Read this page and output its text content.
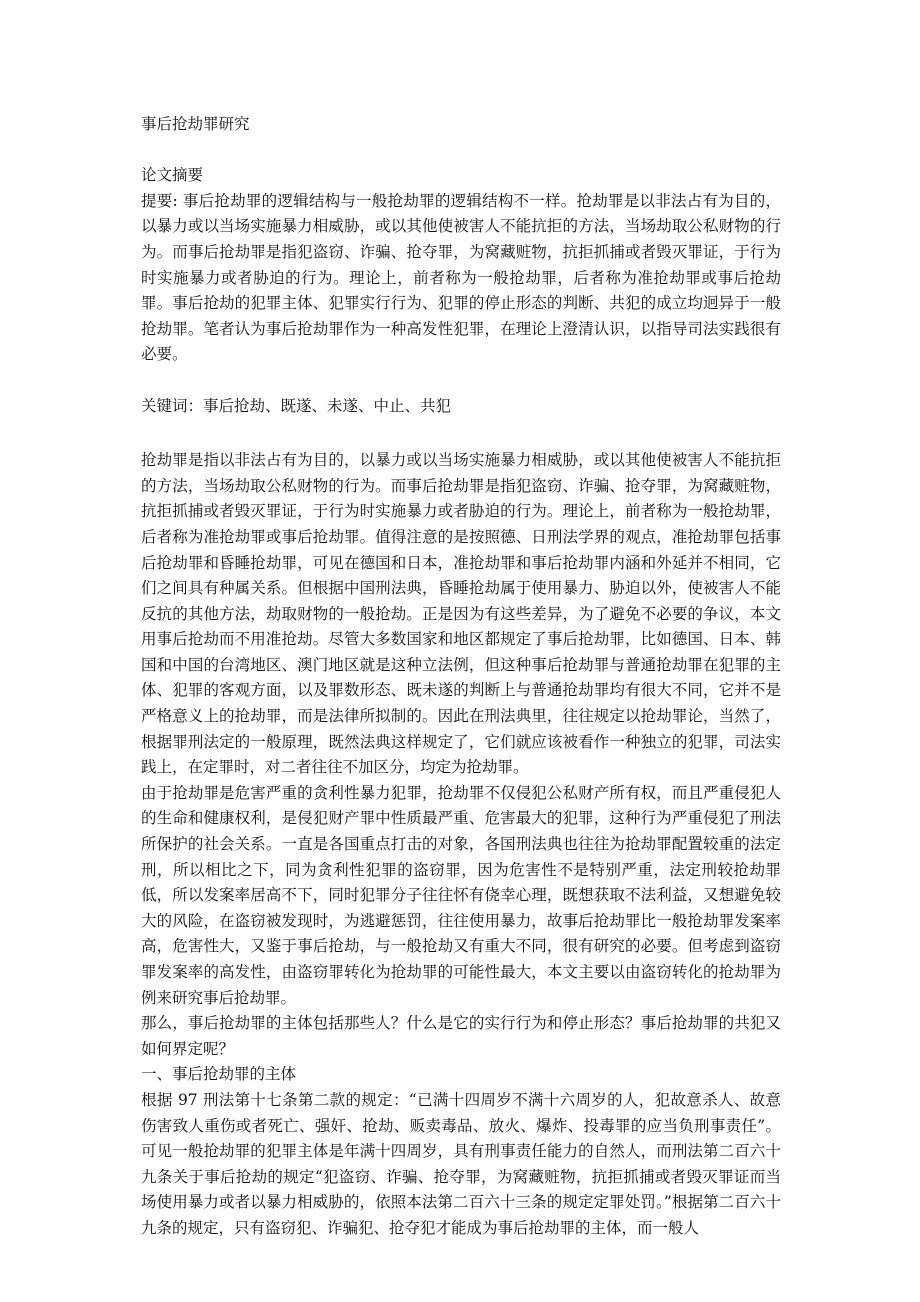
事后抢劫罪研究

论文摘要

提要: 事后抢劫罪的逻辑结构与一般抢劫罪的逻辑结构不一样。抢劫罪是以非法占有为目的，以暴力或以当场实施暴力相威胁，或以其他使被害人不能抗拒的方法，当场劫取公私财物的行为。而事后抢劫罪是指犯盗窃、诈骗、抢夺罪，为窝藏赃物，抗拒抓捕或者毁灭罪证，于行为时实施暴力或者胁迫的行为。理论上，前者称为一般抢劫罪，后者称为准抢劫罪或事后抢劫罪。事后抢劫的犯罪主体、犯罪实行行为、犯罪的停止形态的判断、共犯的成立均迥异于一般抢劫罪。笔者认为事后抢劫罪作为一种高发性犯罪，在理论上澄清认识，以指导司法实践很有必要。

关键词：事后抢劫、既遂、未遂、中止、共犯

抢劫罪是指以非法占有为目的，以暴力或以当场实施暴力相威胁，或以其他使被害人不能抗拒的方法，当场劫取公私财物的行为。而事后抢劫罪是指犯盗窃、诈骗、抢夺罪，为窝藏赃物，抗拒抓捕或者毁灭罪证，于行为时实施暴力或者胁迫的行为。理论上，前者称为一般抢劫罪，后者称为准抢劫罪或事后抢劫罪。值得注意的是按照德、日刑法学界的观点，准抢劫罪包括事后抢劫罪和昏睡抢劫罪，可见在德国和日本，准抢劫罪和事后抢劫罪内涵和外延并不相同，它们之间具有种属关系。但根据中国刑法典，昏睡抢劫属于使用暴力、胁迫以外，使被害人不能反抗的其他方法，劫取财物的一般抢劫。正是因为有这些差异，为了避免不必要的争议，本文用事后抢劫而不用准抢劫。尽管大多数国家和地区都规定了事后抢劫罪，比如德国、日本、韩国和中国的台湾地区、澳门地区就是这种立法例，但这种事后抢劫罪与普通抢劫罪在犯罪的主体、犯罪的客观方面，以及罪数形态、既未遂的判断上与普通抢劫罪均有很大不同，它并不是严格意义上的抢劫罪，而是法律所拟制的。因此在刑法典里，往往规定以抢劫罪论，当然了，根据罪刑法定的一般原理，既然法典这样规定了，它们就应该被看作一种独立的犯罪，司法实践上，在定罪时，对二者往往不加区分，均定为抢劫罪。

由于抢劫罪是危害严重的贪利性暴力犯罪，抢劫罪不仅侵犯公私财产所有权，而且严重侵犯人的生命和健康权利，是侵犯财产罪中性质最严重、危害最大的犯罪，这种行为严重侵犯了刑法所保护的社会关系。一直是各国重点打击的对象，各国刑法典也往往为抢劫罪配置较重的法定刑，所以相比之下，同为贪利性犯罪的盗窃罪，因为危害性不是特别严重，法定刑较抢劫罪低，所以发案率居高不下，同时犯罪分子往往怀有侥幸心理，既想获取不法利益，又想避免较大的风险，在盗窃被发现时，为逃避惩罚，往往使用暴力，故事后抢劫罪比一般抢劫罪发案率高，危害性大，又鉴于事后抢劫，与一般抢劫又有重大不同，很有研究的必要。但考虑到盗窃罪发案率的高发性，由盗窃罪转化为抢劫罪的可能性最大，本文主要以由盗窃转化的抢劫罪为例来研究事后抢劫罪。

那么，事后抢劫罪的主体包括那些人？什么是它的实行行为和停止形态？事后抢劫罪的共犯又如何界定呢？

一、事后抢劫罪的主体

根据 97 刑法第十七条第二款的规定：“已满十四周岁不满十六周岁的人，犯故意杀人、故意伤害致人重伤或者死亡、强奸、抢劫、贩卖毒品、放火、爆炸、投毒罪的应当负刑事责任”。可见一般抢劫罪的犯罪主体是年满十四周岁，具有刑事责任能力的自然人，而刑法第二百六十九条关于事后抢劫的规定“犯盗窃、诈骗、抢夺罪，为窝藏赃物，抗拒抓捕或者毁灭罪证而当场使用暴力或者以暴力相威胁的，依照本法第二百六十三条的规定定罪处罚。”根据第二百六十九条的规定，只有盗窃犯、诈骗犯、抢夺犯才能成为事后抢劫罪的主体，而一般人
